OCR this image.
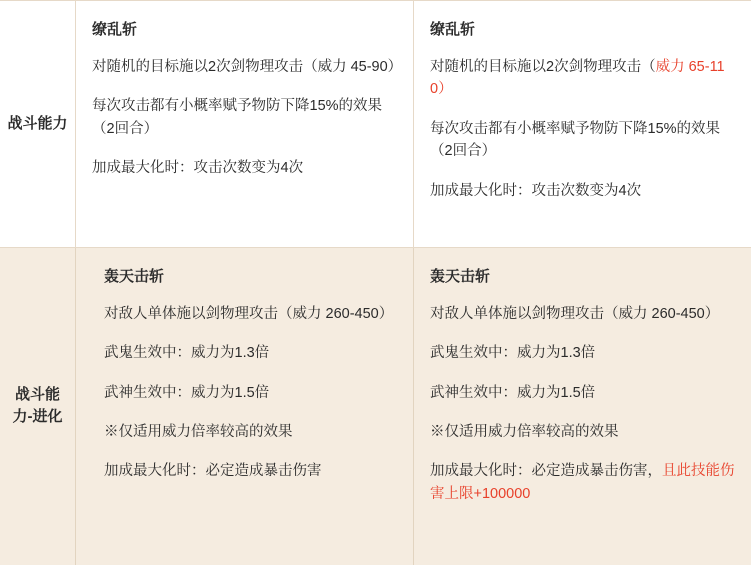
战斗能力
缭乱斩

对随机的目标施以2次剑物理攻击（威力 45-90）

每次攻击都有小概率赋予物防下降15%的效果（2回合）

加成最大化时：攻击次数变为4次

缭乱斩

对随机的目标施以2次剑物理攻击（威力 65-110）

每次攻击都有小概率赋予物防下降15%的效果（2回合）

加成最大化时：攻击次数变为4次

战斗能力-进化
轰天击斩

对敌人单体施以剑物理攻击（威力 260-450）

武鬼生效中：威力为1.3倍

武神生效中：威力为1.5倍

※仅适用威力倍率较高的效果

加成最大化时：必定造成暴击伤害

轰天击斩

对敌人单体施以剑物理攻击（威力 260-450）

武鬼生效中：威力为1.3倍

武神生效中：威力为1.5倍

※仅适用威力倍率较高的效果

加成最大化时：必定造成暴击伤害，且此技能伤害上限+100000
